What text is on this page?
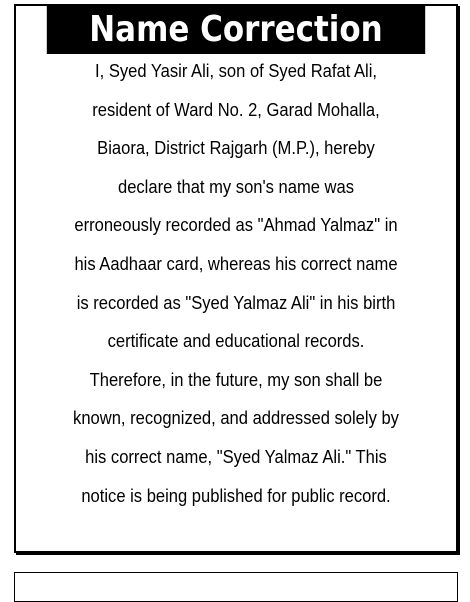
Name Correction
I, Syed Yasir Ali, son of Syed Rafat Ali,
resident of Ward No. 2, Garad Mohalla,
Biaora, District Rajgarh (M.P.), hereby
declare that my son's name was
erroneously recorded as "Ahmad Yalmaz" in
his Aadhaar card, whereas his correct name
is recorded as "Syed Yalmaz Ali" in his birth
certificate and educational records.
Therefore, in the future, my son shall be
known, recognized, and addressed solely by
his correct name, "Syed Yalmaz Ali." This
notice is being published for public record.
